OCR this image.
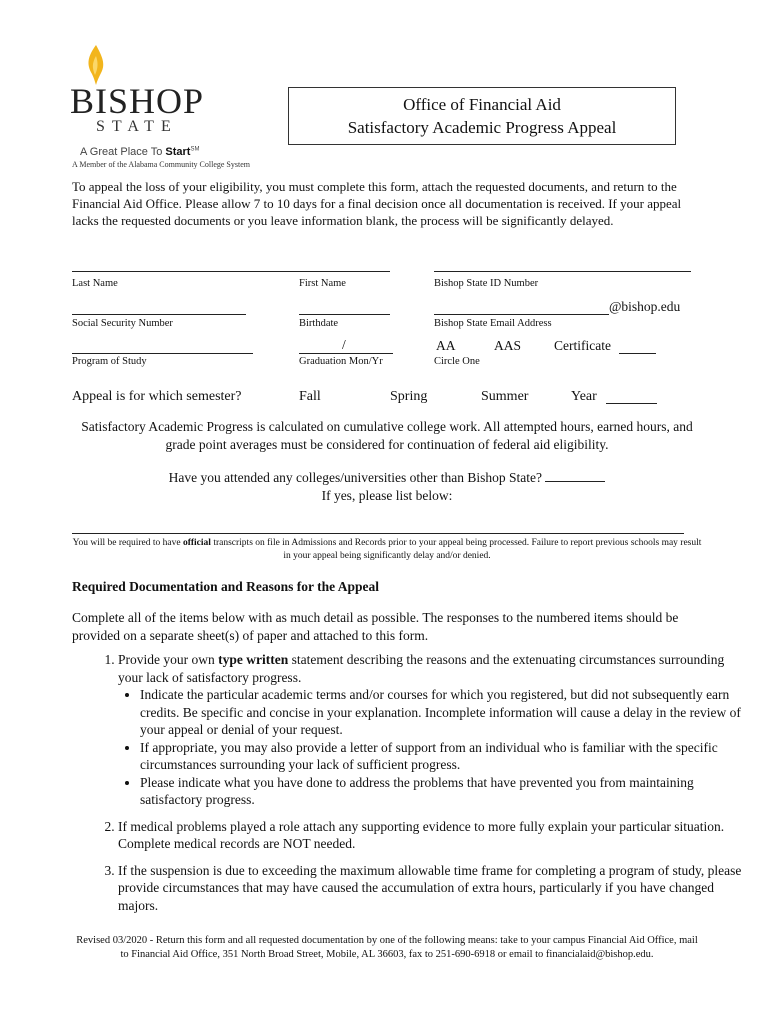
BISHOP
STATE
A Great Place To Start℠
A Member of the Alabama Community College System
Office of Financial Aid
Satisfactory Academic Progress Appeal
To appeal the loss of your eligibility, you must complete this form, attach the requested documents, and return to the Financial Aid Office. Please allow 7 to 10 days for a final decision once all documentation is received. If your appeal lacks the requested documents or you leave information blank, the process will be significantly delayed.
Last Name	First Name	Bishop State ID Number
@bishop.edu
Social Security Number	Birthdate	Bishop State Email Address
/	AA	AAS Certificate
Program of Study	Graduation Mon/Yr	Circle One
Appeal is for which semester?	Fall	Spring	Summer	Year
Satisfactory Academic Progress is calculated on cumulative college work. All attempted hours, earned hours, and grade point averages must be considered for continuation of federal aid eligibility.
Have you attended any colleges/universities other than Bishop State?
If yes, please list below:
You will be required to have official transcripts on file in Admissions and Records prior to your appeal being processed. Failure to report previous schools may result in your appeal being significantly delay and/or denied.
Required Documentation and Reasons for the Appeal
Complete all of the items below with as much detail as possible. The responses to the numbered items should be provided on a separate sheet(s) of paper and attached to this form.
1. Provide your own type written statement describing the reasons and the extenuating circumstances surrounding your lack of satisfactory progress.
• Indicate the particular academic terms and/or courses for which you registered, but did not subsequently earn credits. Be specific and concise in your explanation. Incomplete information will cause a delay in the review of your appeal or denial of your request.
• If appropriate, you may also provide a letter of support from an individual who is familiar with the specific circumstances surrounding your lack of sufficient progress.
• Please indicate what you have done to address the problems that have prevented you from maintaining satisfactory progress.
2. If medical problems played a role attach any supporting evidence to more fully explain your particular situation. Complete medical records are NOT needed.
3. If the suspension is due to exceeding the maximum allowable time frame for completing a program of study, please provide circumstances that may have caused the accumulation of extra hours, particularly if you have changed majors.
Revised 03/2020 - Return this form and all requested documentation by one of the following means: take to your campus Financial Aid Office, mail to Financial Aid Office, 351 North Broad Street, Mobile, AL 36603, fax to 251-690-6918 or email to financialaid@bishop.edu.
